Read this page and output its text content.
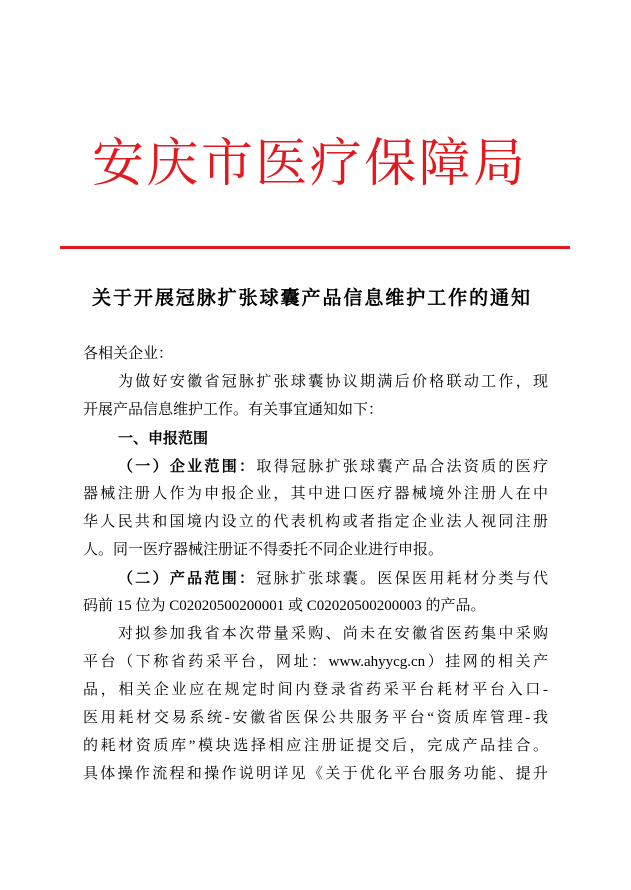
安庆市医疗保障局
关于开展冠脉扩张球囊产品信息维护工作的通知
各相关企业：
为做好安徽省冠脉扩张球囊协议期满后价格联动工作，现
开展产品信息维护工作。有关事宜通知如下：
一、申报范围
（一）企业范围：取得冠脉扩张球囊产品合法资质的医疗
器械注册人作为申报企业，其中进口医疗器械境外注册人在中
华人民共和国境内设立的代表机构或者指定企业法人视同注册
人。同一医疗器械注册证不得委托不同企业进行申报。
（二）产品范围：冠脉扩张球囊。医保医用耗材分类与代
码前 15 位为 C02020500200001 或 C02020500200003 的产品。
对拟参加我省本次带量采购、尚未在安徽省医药集中采购
平台（下称省药采平台，网址：www.ahyycg.cn）挂网的相关产
品，相关企业应在规定时间内登录省药采平台耗材平台入口-
医用耗材交易系统-安徽省医保公共服务平台“资质库管理-我
的耗材资质库”模块选择相应注册证提交后，完成产品挂合。
具体操作流程和操作说明详见《关于优化平台服务功能、提升
